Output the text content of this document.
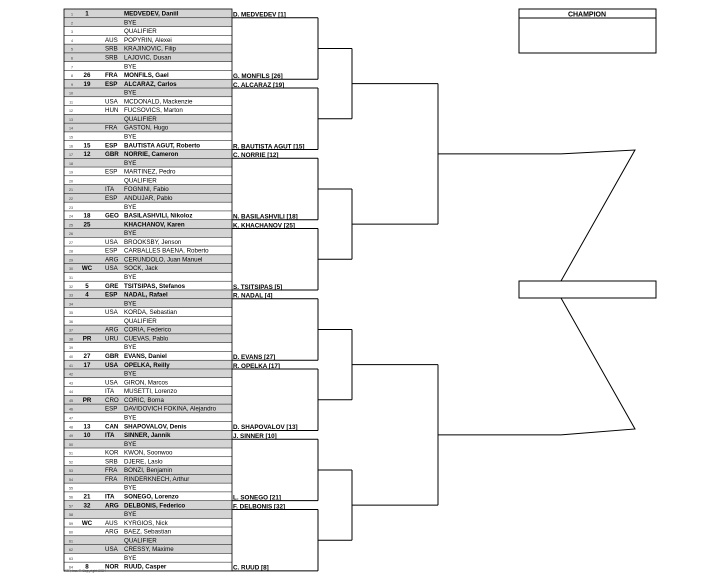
1 1	MEDVEDEV, Daniil
2	BYE
3	QUALIFIER
4	AUS POPYRIN, Alexei
5	SRB KRAJINOVIC, Filip
6	SRB LAJOVIC, Dusan
7	BYE
8 26 FRA MONFILS, Gael
9 19 ESP ALCARAZ, Carlos
10	BYE
11	USA MCDONALD, Mackenzie
12	HUN FUCSOVICS, Marton
13	QUALIFIER
14	FRA GASTON, Hugo
15	BYE
16 15 ESP BAUTISTA AGUT, Roberto
17 12 GBR NORRIE, Cameron
18	BYE
19	ESP MARTINEZ, Pedro
20	QUALIFIER
21	ITA FOGNINI, Fabio
22	ESP ANDUJAR, Pablo
23	BYE
24 18 GEO BASILASHVILI, Nikoloz
25 25	KHACHANOV, Karen
26	BYE
27	USA BROOKSBY, Jenson
28	ESP CARBALLES BAENA, Roberto
29	ARG CERUNDOLO, Juan Manuel
30 WC USA SOCK, Jack
31	BYE
32 5	GRE TSITSIPAS, Stefanos
33 4	ESP NADAL, Rafael
34	BYE
35	USA KORDA, Sebastian
36	QUALIFIER
37	ARG CORIA, Federico
38 PR URU CUEVAS, Pablo
39	BYE
40 27 GBR EVANS, Daniel
41 17 USA OPELKA, Reilly
42	BYE
43	USA GIRON, Marcos
44	ITA MUSETTI, Lorenzo
45 PR CRO CORIC, Borna
46	ESP DAVIDOVICH FOKINA, Alejandro
47	BYE
48 13 CAN SHAPOVALOV, Denis
49 10 ITA SINNER, Jannik
50	BYE
51	KOR KWON, Soonwoo
52	SRB DJERE, Laslo
53	FRA BONZI, Benjamin
54	FRA RINDERKNECH, Arthur
55	BYE
56 21 ITA SONEGO, Lorenzo
57 32 ARG DELBONIS, Federico
58	BYE
59 WC AUS KYRGIOS, Nick
60	ARG BAEZ, Sebastian
61	QUALIFIER
62	USA CRESSY, Maxime
63	BYE
64 8	NOR RUUD, Casper
D. MEDVEDEV [1]
G. MONFILS [26]
C. ALCARAZ [19]
R. BAUTISTA AGUT [15]
C. NORRIE [12]
N. BASILASHVILI [18]
K. KHACHANOV [25]
S. TSITSIPAS [5]
R. NADAL [4]
D. EVANS [27]
R. OPELKA [17]
D. SHAPOVALOV [13]
J. SINNER [10]
L. SONEGO [21]
F. DELBONIS [32]
C. RUUD [8]
CHAMPION
ATP, Inc. © Copyright 2024
